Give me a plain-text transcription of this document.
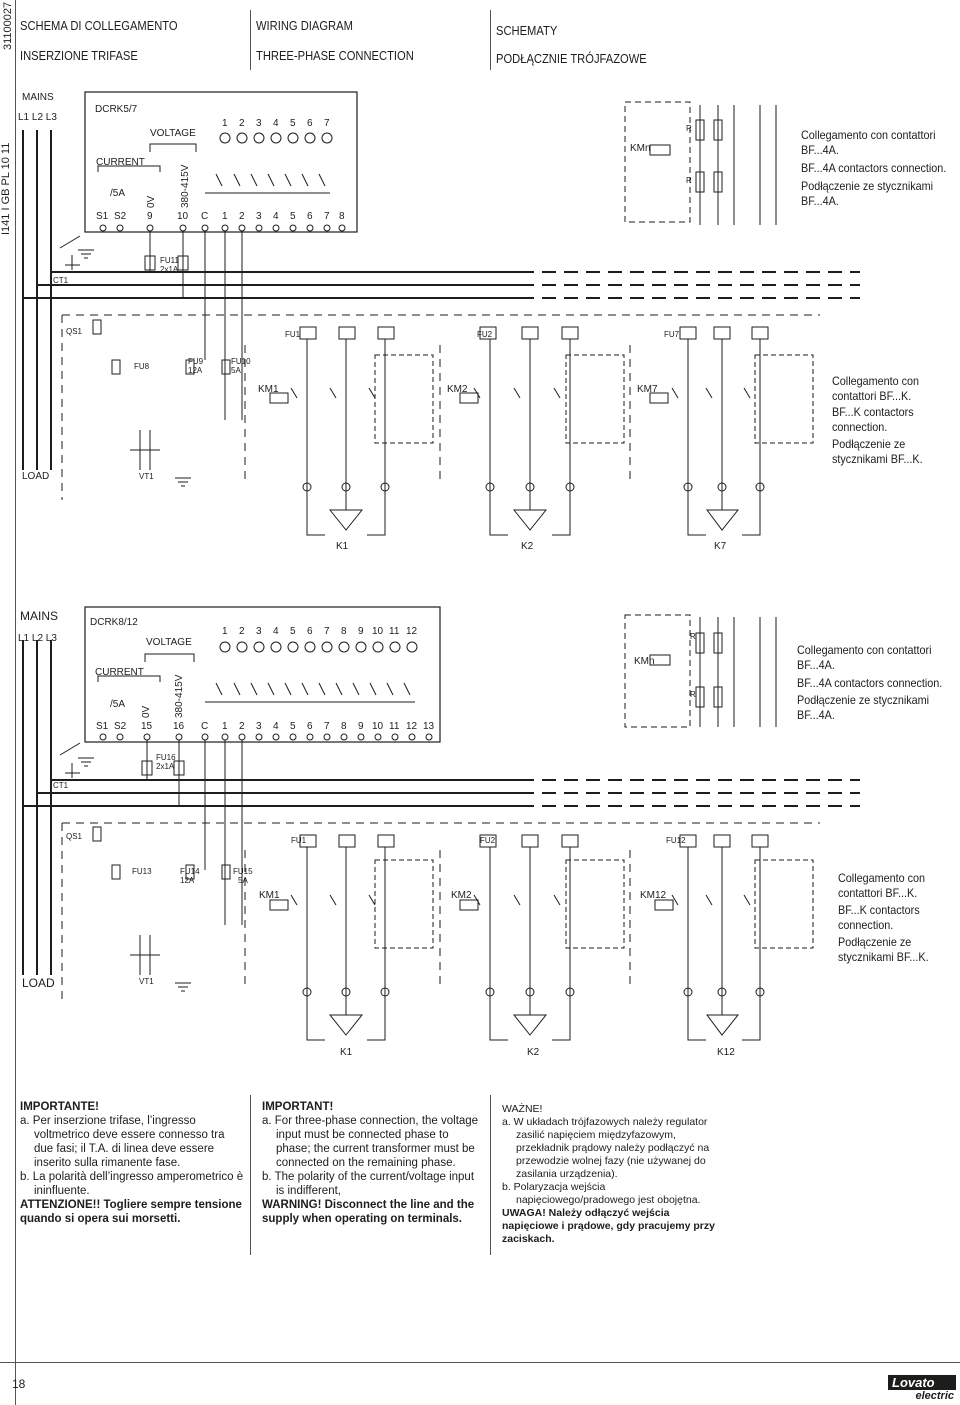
31100027
I141 I GB PL 10 11
SCHEMA DI COLLEGAMENTO
INSERZIONE TRIFASE
WIRING DIAGRAM
THREE-PHASE CONNECTION
SCHEMATY
PODŁĄCZNIE TRÓJFAZOWE
MAINS
L1 L2 L3
DCRK5/7
VOLTAGE
CURRENT
/5A
0V 380-415V
1 2 3 4 5 6 7
S1 S2 9 10 C 1 2 3 4 5 6 7 8
FU11
2x1A
CT1
KMn
R
R
Collegamento con contattori
BF...4A.
BF...4A contactors connection.
Podłączenie ze stycznikami
BF...4A.
QS1
LOAD
FU8
FU9
12A
FU10
5A
VT1
FU1	FU2	FU7
KM1	KM2	KM7
K1	K2	K7
Collegamento con
contattori BF...K.
BF...K contactors
connection.
Podłączenie ze
stycznikami BF...K.
MAINS
L1 L2 L3
DCRK8/12
VOLTAGE
CURRENT
/5A
0V 380-415V
1 2 3 4 5 6 7 8 9 10 11 12
S1 S2 15 16 C 1 2 3 4 5 6 7 8 9 10 11 12 13
FU16
2x1A
CT1
KMn
R
R
Collegamento con contattori
BF...4A.
BF...4A contactors connection.
Podłączenie ze stycznikami
BF...4A.
QS1
LOAD
FU13	FU14
12A
FU15
5A
VT1
FU1	FU2	FU12
KM1	KM2	KM12
K1	K2	K12
Collegamento con
contattori BF...K.
BF...K contactors
connection.
Podłączenie ze
stycznikami BF...K.

IMPORTANTE!

a. Per inserzione trifase, l’ingresso voltmetrico deve essere connesso tra due fasi; il T.A. di linea deve essere inserito sulla rimanente fase.

b. La polarità dell’ingresso amperometrico è ininfluente.

ATTENZIONE!! Togliere sempre tensione quando si opera sui morsetti.

IMPORTANT!

a. For three-phase connection, the voltage input must be connected phase to phase; the current transformer must be connected on the remaining phase.

b. The polarity of the current/voltage input is indifferent,

WARNING! Disconnect the line and the supply when operating on terminals.

WAŻNE!

a. W układach trójfazowych należy regulator zasilić napięciem międzyfazowym, przekładnik prądowy należy podłączyć na przewodzie wolnej fazy (nie używanej do zasilania urządzenia).

b. Polaryzacja wejścia napięciowego/pradowego jest obojętna.

UWAGA! Należy odłączyć wejścia napięciowe i prądowe, gdy pracujemy przy zaciskach.

18	Lovato
electric
